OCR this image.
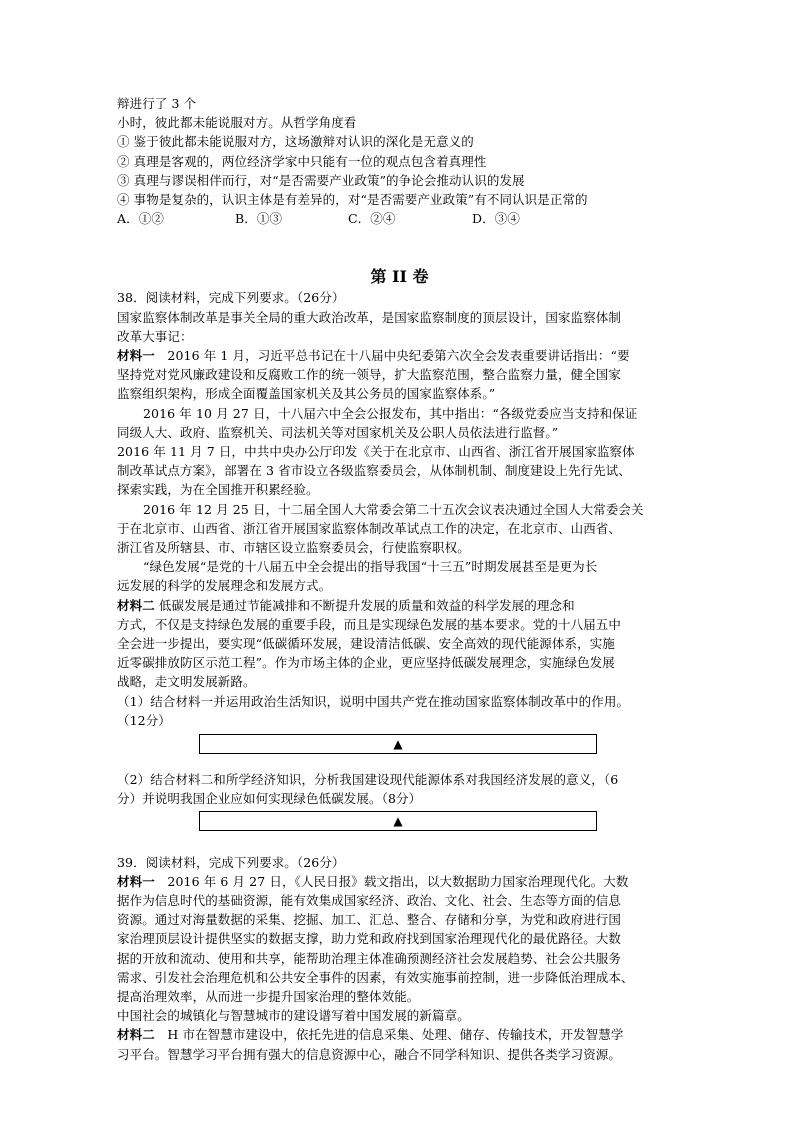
辩进行了 3 个
小时，彼此都未能说服对方。从哲学角度看
① 鉴于彼此都未能说服对方，这场激辩对认识的深化是无意义的
② 真理是客观的，两位经济学家中只能有一位的观点包含着真理性
③ 真理与谬误相伴而行，对“是否需要产业政策”的争论会推动认识的发展
④ 事物是复杂的，认识主体是有差异的，对“是否需要产业政策”有不同认识是正常的
A．①②	B．①③	C．②④	D．③④
第 II 卷
38．阅读材料，完成下列要求。（26分）
国家监察体制改革是事关全局的重大政治改革，是国家监察制度的顶层设计，国家监察体制
改革大事记：
材料一　2016 年 1 月，习近平总书记在十八届中央纪委第六次全会发表重要讲话指出：“要
坚持党对党风廉政建设和反腐败工作的统一领导，扩大监察范围，整合监察力量，健全国家
监察组织架构，形成全面覆盖国家机关及其公务员的国家监察体系。”
2016 年 10 月 27 日，十八届六中全会公报发布，其中指出：“各级党委应当支持和保证
同级人大、政府、监察机关、司法机关等对国家机关及公职人员依法进行监督。”
2016 年 11 月 7 日，中共中央办公厅印发《关于在北京市、山西省、浙江省开展国家监察体
制改革试点方案》，部署在 3 省市设立各级监察委员会，从体制机制、制度建设上先行先试、
探索实践，为在全国推开积累经验。
2016 年 12 月 25 日，十二届全国人大常委会第二十五次会议表决通过全国人大常委会关
于在北京市、山西省、浙江省开展国家监察体制改革试点工作的决定，在北京市、山西省、
浙江省及所辖县、市、市辖区设立监察委员会，行使监察职权。
“绿色发展“是党的十八届五中全会提出的指导我国“十三五”时期发展甚至是更为长
远发展的科学的发展理念和发展方式。
材料二 低碳发展是通过节能减排和不断提升发展的质量和效益的科学发展的理念和
方式，不仅是支持绿色发展的重要手段，而且是实现绿色发展的基本要求。党的十八届五中
全会进一步提出，要实现“低碳循环发展，建设清洁低碳、安全高效的现代能源体系，实施
近零碳排放防区示范工程”。作为市场主体的企业，更应坚持低碳发展理念，实施绿色发展
战略，走文明发展新路。
（1）结合材料一并运用政治生活知识，说明中国共产党在推动国家监察体制改革中的作用。
（12分）
▲
（2）结合材料二和所学经济知识，分析我国建设现代能源体系对我国经济发展的意义，（6
分）并说明我国企业应如何实现绿色低碳发展。（8分）
▲
39．阅读材料，完成下列要求。（26分）
材料一　2016 年 6 月 27 日，《人民日报》载文指出，以大数据助力国家治理现代化。大数
据作为信息时代的基础资源，能有效集成国家经济、政治、文化、社会、生态等方面的信息
资源。通过对海量数据的采集、挖掘、加工、汇总、整合、存储和分享，为党和政府进行国
家治理顶层设计提供坚实的数据支撑，助力党和政府找到国家治理现代化的最优路径。大数
据的开放和流动、使用和共享，能帮助治理主体准确预测经济社会发展趋势、社会公共服务
需求、引发社会治理危机和公共安全事件的因素，有效实施事前控制，进一步降低治理成本、
提高治理效率，从而进一步提升国家治理的整体效能。
中国社会的城镇化与智慧城市的建设谱写着中国发展的新篇章。
材料二　H 市在智慧市建设中，依托先进的信息采集、处理、储存、传输技术，开发智慧学
习平台。智慧学习平台拥有强大的信息资源中心，融合不同学科知识、提供各类学习资源。
